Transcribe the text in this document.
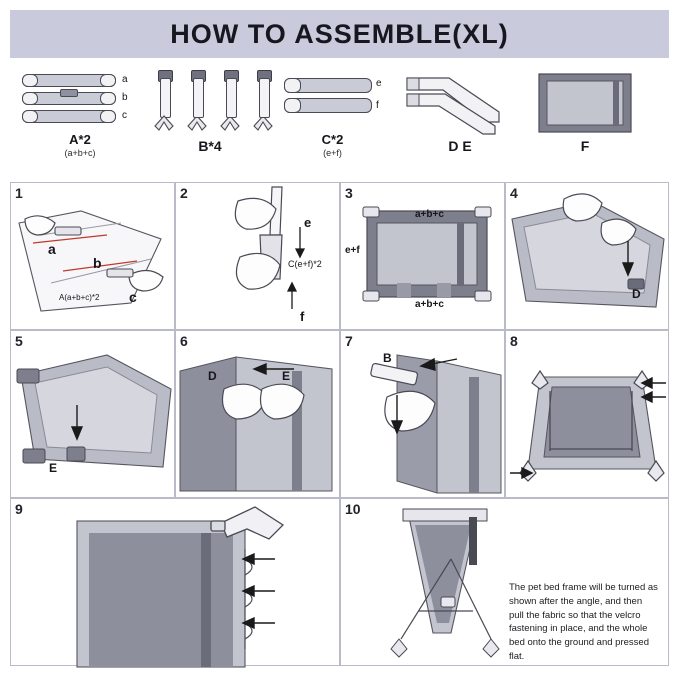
HOW TO ASSEMBLE(XL)
a
b
c
A*2
(a+b+c)	B*4
e
f
C*2
(e+f)	D E	F
1
a
b
c
A(a+b+c)*2
2
e
C(e+f)*2
f
3
a+b+c
e+f
a+b+c
4
D
5
E
6
D	E
7
B
8
9	10
The pet bed frame will be turned as shown after the angle, and then pull the fabric so that the velcro fastening in place, and the whole bed onto the ground and pressed flat.
